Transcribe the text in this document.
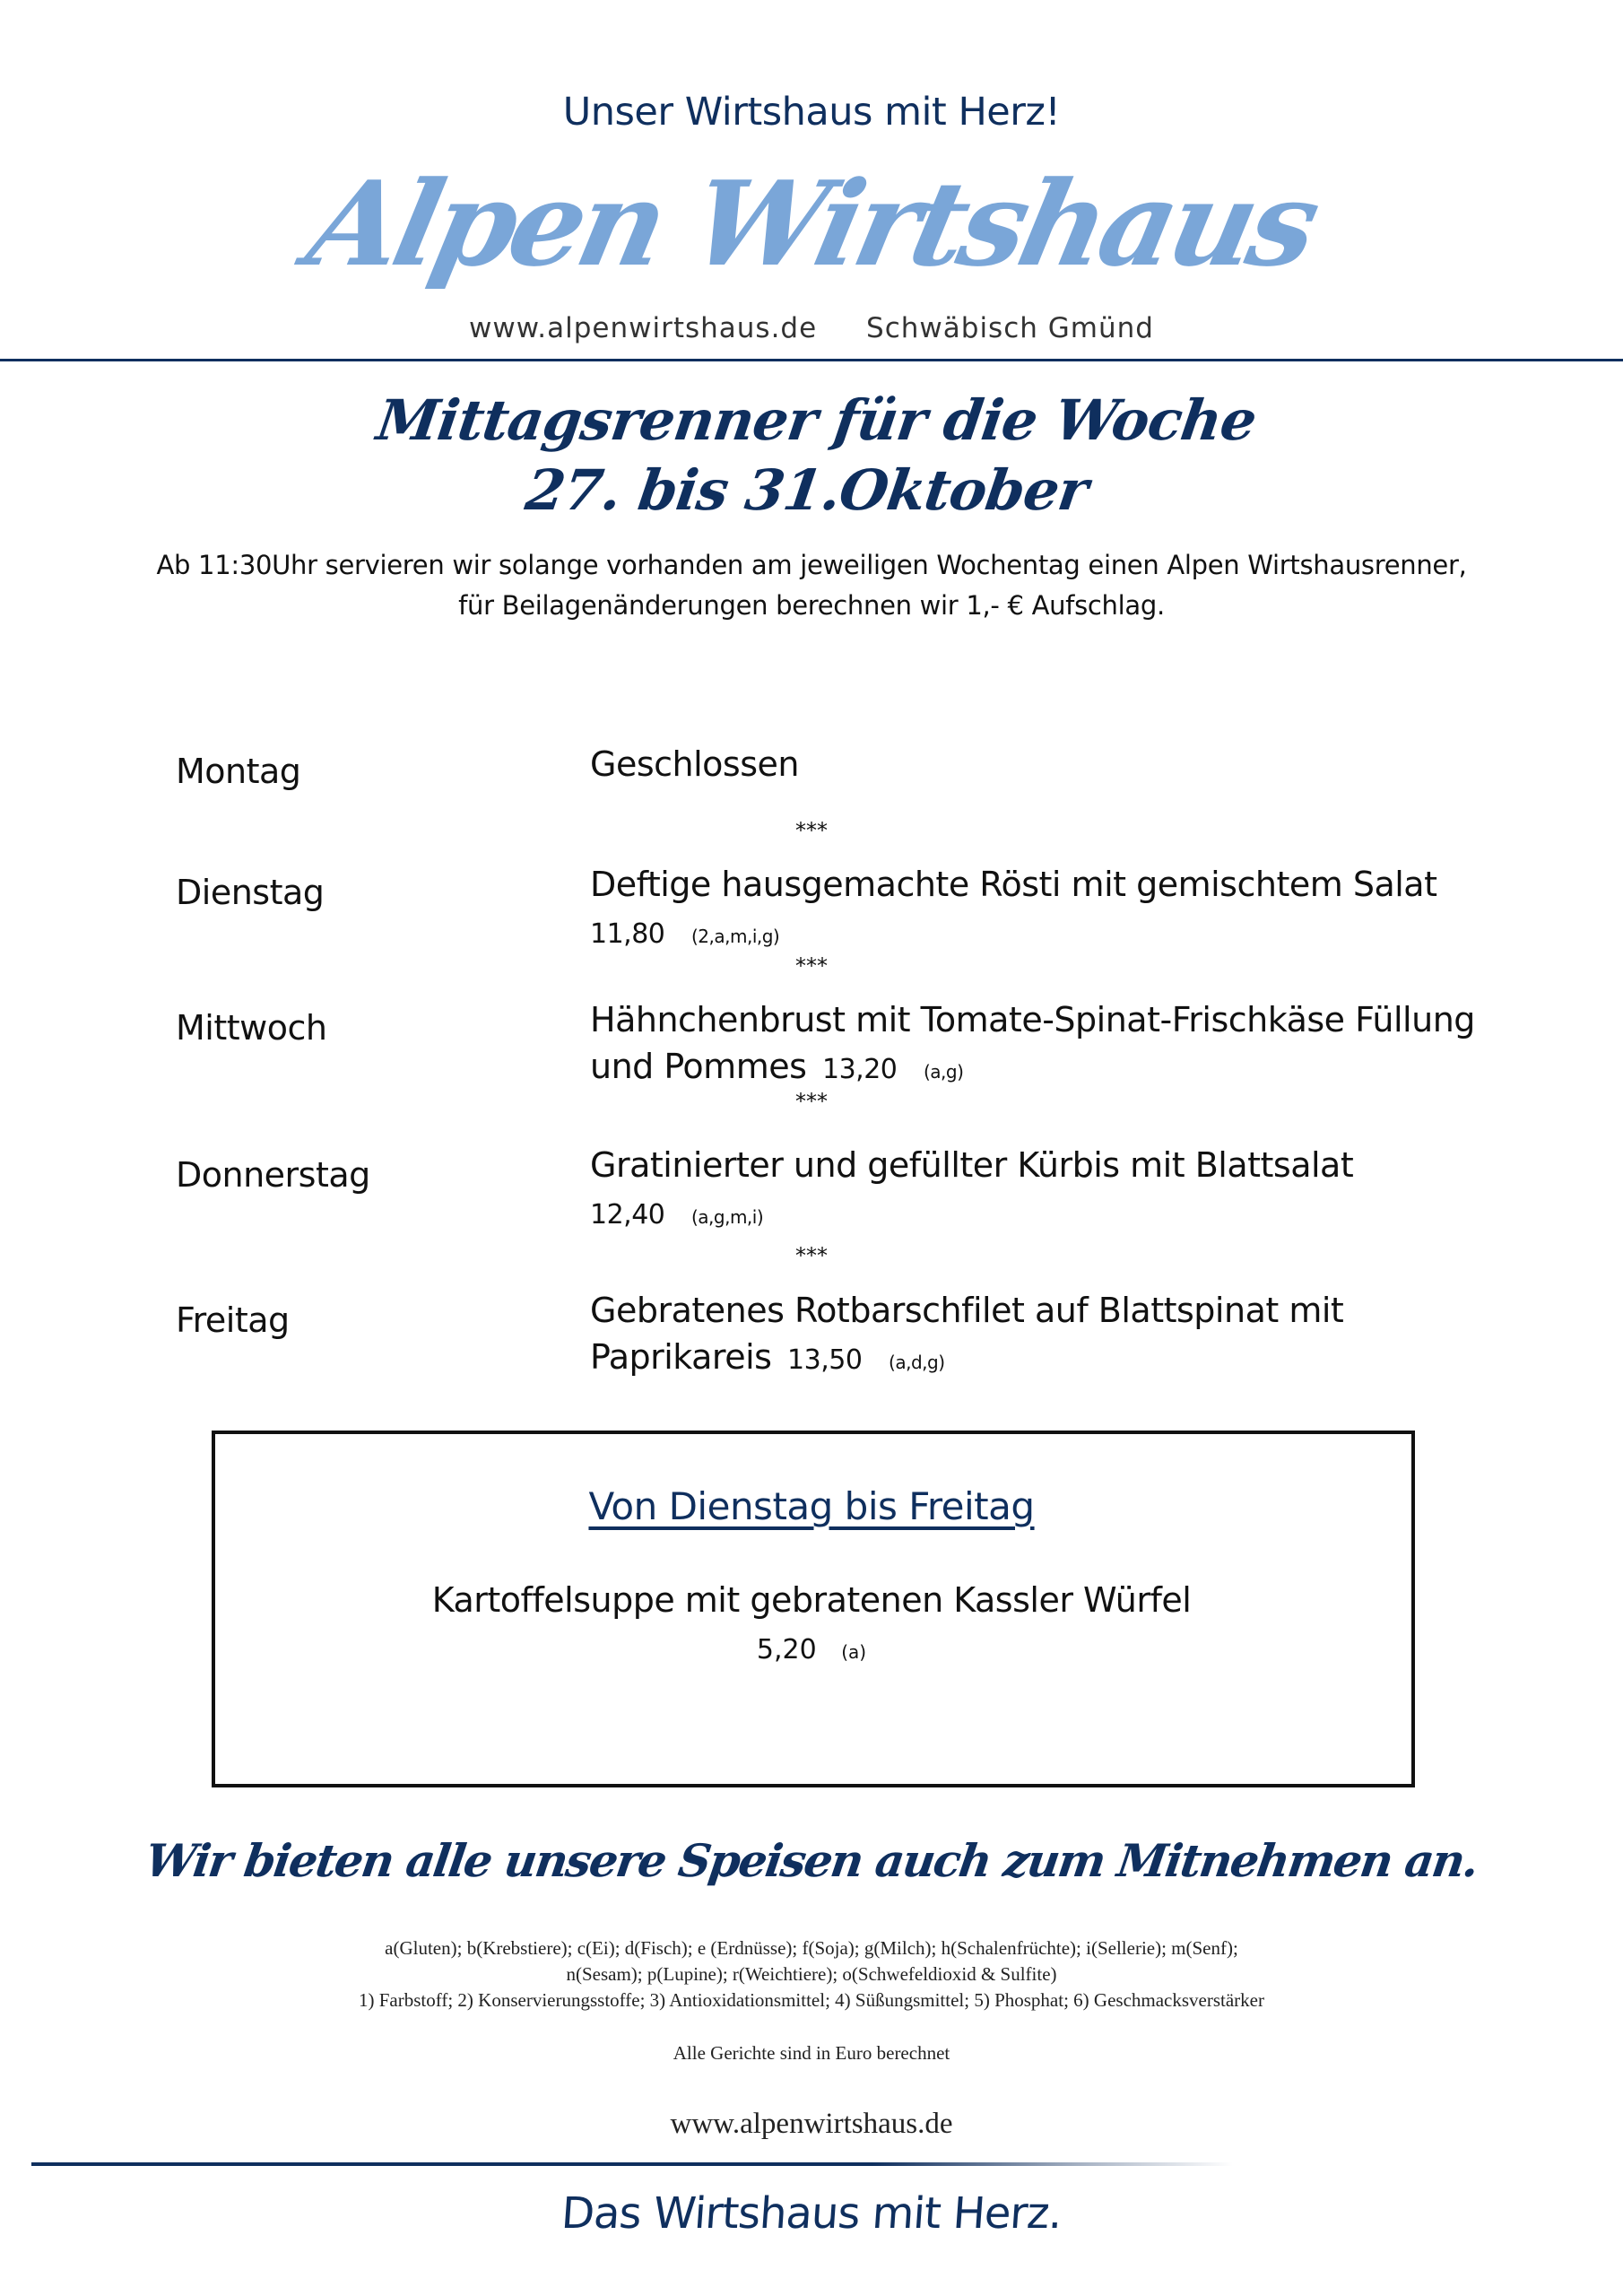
Unser Wirtshaus mit Herz!
Alpen Wirtshaus
www.alpenwirtshaus.de Schwäbisch Gmünd
Mittagsrenner für die Woche
27. bis 31.Oktober
Ab 11:30Uhr servieren wir solange vorhanden am jeweiligen Wochentag einen Alpen Wirtshausrenner,
für Beilagenänderungen berechnen wir 1,- € Aufschlag.
Montag	Geschlossen
***
Dienstag	Deftige hausgemachte Rösti mit gemischtem Salat
11,80 (2,a,m,i,g)
***
Mittwoch	Hähnchenbrust mit Tomate-Spinat-Frischkäse Füllung
und Pommes 13,20 (a,g)
***
Donnerstag	Gratinierter und gefüllter Kürbis mit Blattsalat
12,40 (a,g,m,i)
***
Freitag	Gebratenes Rotbarschfilet auf Blattspinat mit
Paprikareis 13,50 (a,d,g)
Von Dienstag bis Freitag
Kartoffelsuppe mit gebratenen Kassler Würfel
5,20 (a)
Wir bieten alle unsere Speisen auch zum Mitnehmen an.
a(Gluten); b(Krebstiere); c(Ei); d(Fisch); e (Erdnüsse); f(Soja); g(Milch); h(Schalenfrüchte); i(Sellerie); m(Senf);
n(Sesam); p(Lupine); r(Weichtiere); o(Schwefeldioxid & Sulfite)
1) Farbstoff; 2) Konservierungsstoffe; 3) Antioxidationsmittel; 4) Süßungsmittel; 5) Phosphat; 6) Geschmacksverstärker
Alle Gerichte sind in Euro berechnet
www.alpenwirtshaus.de
Das Wirtshaus mit Herz.
